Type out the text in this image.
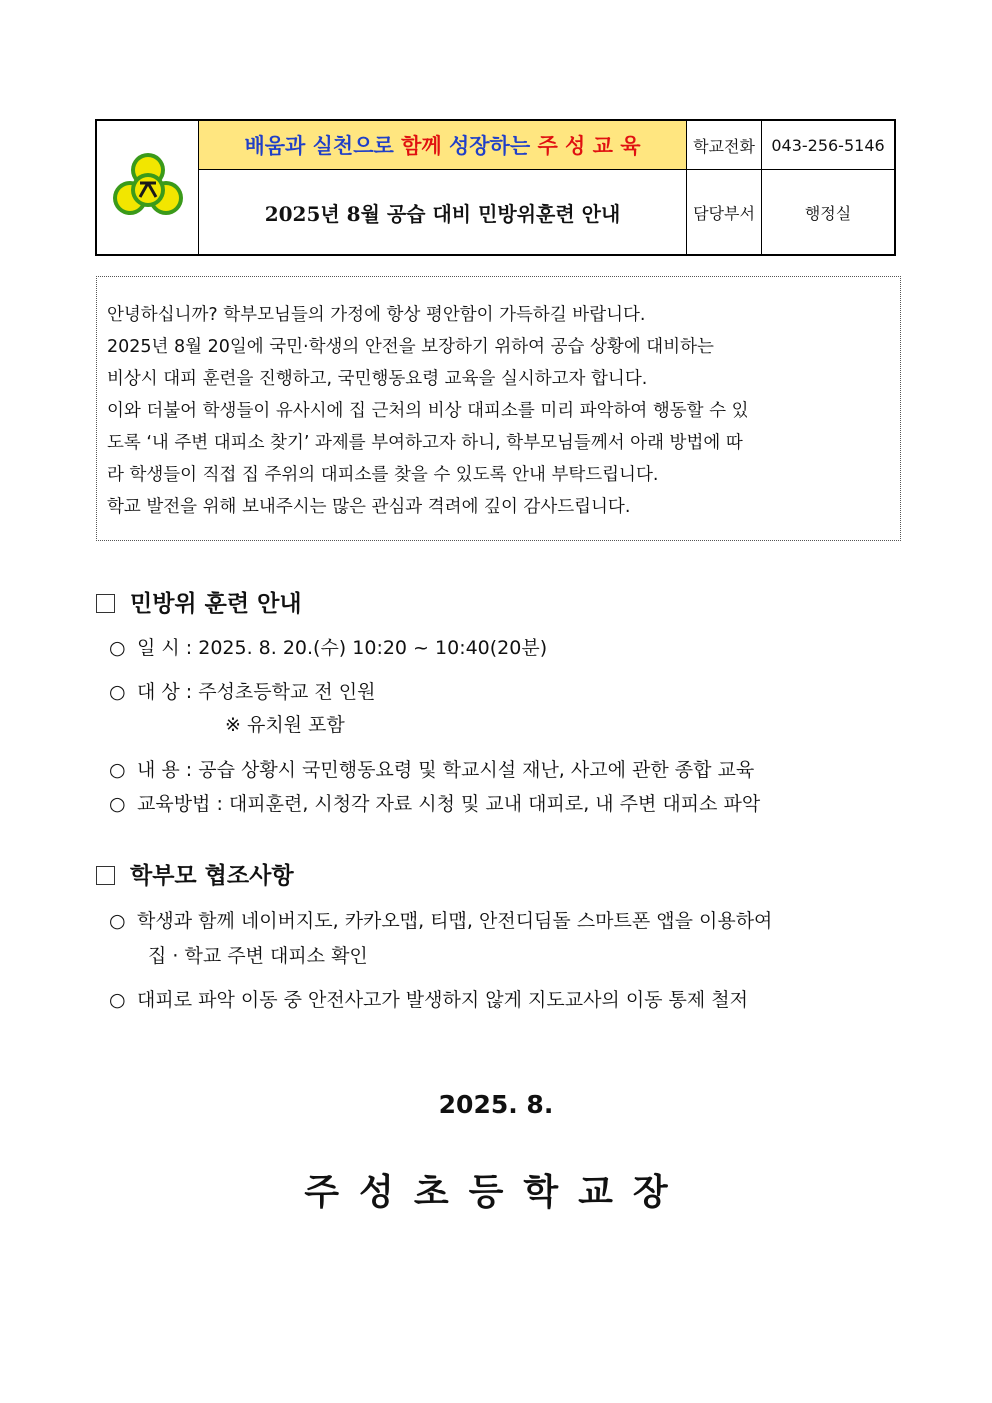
	배움과 실천으로 함께 성장하는 주 성 교 육	학교전화	043-256-5146
	2025년 8월 공습 대비 민방위훈련 안내	담당부서	행정실

안녕하십니까? 학부모님들의 가정에 항상 평안함이 가득하길 바랍니다.

2025년 8월 20일에 국민·학생의 안전을 보장하기 위하여 공습 상황에 대비하는

비상시 대피 훈련을 진행하고, 국민행동요령 교육을 실시하고자 합니다.

이와 더불어 학생들이 유사시에 집 근처의 비상 대피소를 미리 파악하여 행동할 수 있

도록 ‘내 주변 대피소 찾기’ 과제를 부여하고자 하니, 학부모님들께서 아래 방법에 따

라 학생들이 직접 집 주위의 대피소를 찾을 수 있도록 안내 부탁드립니다.

학교 발전을 위해 보내주시는 많은 관심과 격려에 깊이 감사드립니다.

민방위 훈련 안내
○ 일 시 : 2025. 8. 20.(수) 10:20 ~ 10:40(20분)
○ 대 상 : 주성초등학교 전 인원
※ 유치원 포함
○ 내 용 : 공습 상황시 국민행동요령 및 학교시설 재난, 사고에 관한 종합 교육
○ 교육방법 : 대피훈련, 시청각 자료 시청 및 교내 대피로, 내 주변 대피소 파악
학부모 협조사항
○ 학생과 함께 네이버지도, 카카오맵, 티맵, 안전디딤돌 스마트폰 앱을 이용하여
집 · 학교 주변 대피소 확인
○ 대피로 파악 이동 중 안전사고가 발생하지 않게 지도교사의 이동 통제 철저
2025. 8.
주성초등학교장
